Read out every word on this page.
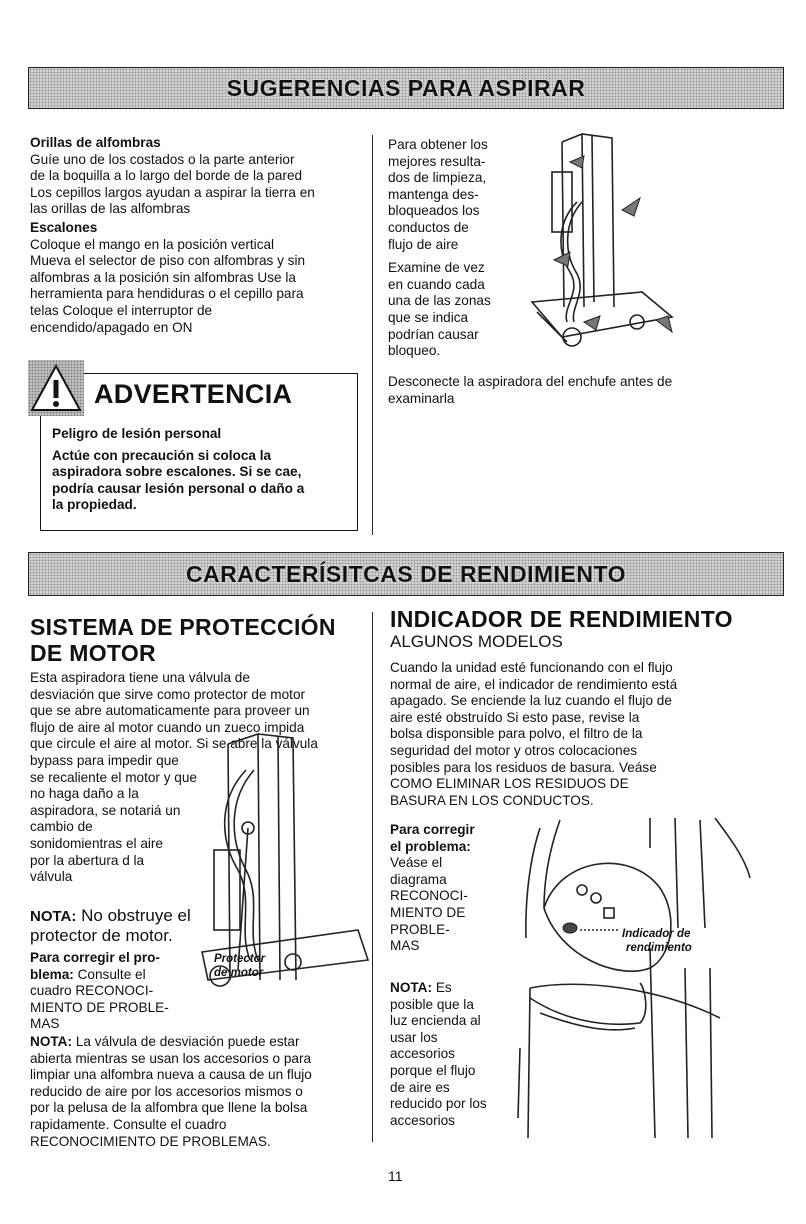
SUGERENCIAS PARA ASPIRAR
Orillas de alfombras
Guíe uno de los costados o la parte anterior
de la boquilla a lo largo del borde de la pared
Los cepillos largos ayudan a aspirar la tierra en
las orillas de las alfombras
Escalones
Coloque el mango en la posición vertical
Mueva el selector de piso con alfombras y sin
alfombras a la posición sin alfombras Use la
herramienta para hendiduras o el cepillo para
telas Coloque el interruptor de
encendido/apagado en ON
ADVERTENCIA
Peligro de lesión personal
Actúe con precaución si coloca la
aspiradora sobre escalones. Si se cae,
podría causar lesión personal o daño a
la propiedad.
Para obtener los
mejores resulta-
dos de limpieza,
mantenga des-
bloqueados los
conductos de
flujo de aire
Examine de vez
en cuando cada
una de las zonas
que se indica
podrían causar
bloqueo.
Desconecte la aspiradora del enchufe antes de
examinarla
CARACTERÍSITCAS DE RENDIMIENTO
SISTEMA DE PROTECCIÓN
DE MOTOR
Esta aspiradora tiene una válvula de
desviación que sirve como protector de motor
que se abre automaticamente para proveer un
flujo de aire al motor cuando un zueco impida
que circule el aire al motor. Si se abre la válvula
bypass para impedir que
se recaliente el motor y que
no haga daño a la
aspiradora, se notariá un
cambio de
sonidomientras el aire
por la abertura d la
válvula
NOTA: No obstruye el
protector de motor.
Para corregir el pro-
blema: Consulte el
cuadro RECONOCI-
MIENTO DE PROBLE-
MAS
Protector
de motor
NOTA: La válvula de desviación puede estar
abierta mientras se usan los accesorios o para
limpiar una alfombra nueva a causa de un flujo
reducido de aire por los accesorios mismos o
por la pelusa de la alfombra que llene la bolsa
rapidamente. Consulte el cuadro
RECONOCIMIENTO DE PROBLEMAS.
INDICADOR DE RENDIMIENTO
ALGUNOS MODELOS
Cuando la unidad esté funcionando con el flujo
normal de aire, el indicador de rendimiento está
apagado. Se enciende la luz cuando el flujo de
aire esté obstruído Si esto pase, revise la
bolsa disponsible para polvo, el filtro de la
seguridad del motor y otros colocaciones
posibles para los residuos de basura. Veáse
COMO ELIMINAR LOS RESIDUOS DE
BASURA EN LOS CONDUCTOS.
Para corregir
el problema:
Veáse el
diagrama
RECONOCI-
MIENTO DE
PROBLE-
MAS
NOTA: Es
posible que la
luz encienda al
usar los
accesorios
porque el flujo
de aire es
reducido por los
accesorios
Indicador de
rendimiento
11
